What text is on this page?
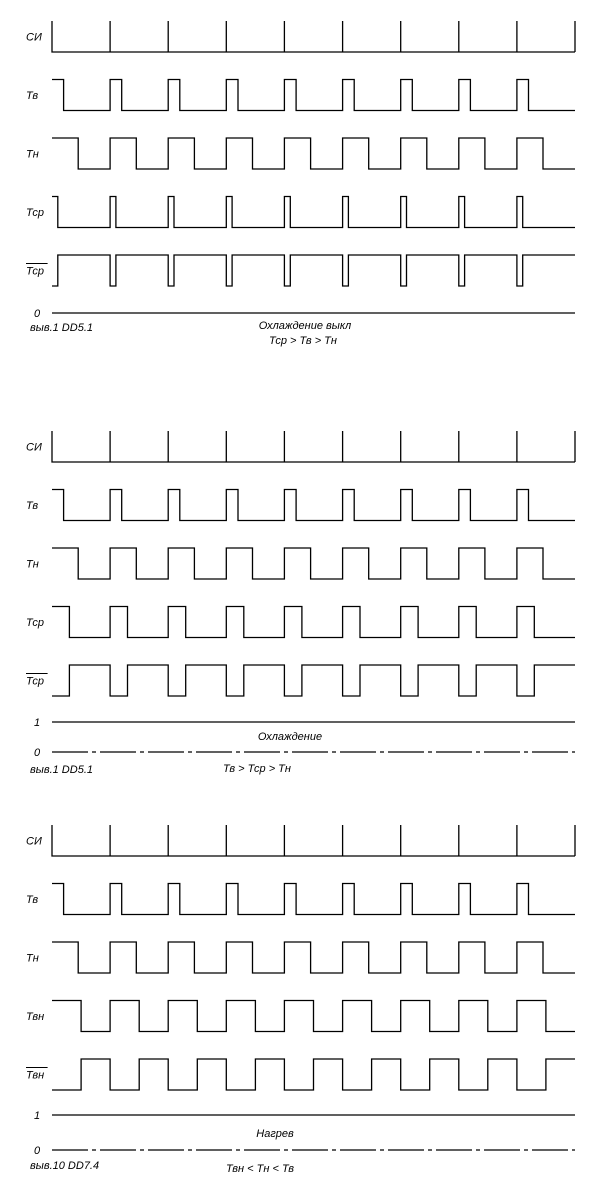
СИ
Тв
Тн
Тср
Тср
0
выв.1 DD5.1	Охлаждение выкл
Тср > Тв > Тн
СИ
Тв
Тн
Тср
Тср
1
0
выв.1 DD5.1
Охлаждение
Тв > Тср > Тн
СИ
Тв
Тн
Твн
Твн
1
0
выв.10 DD7.4
Нагрев
Твн < Тн < Тв
